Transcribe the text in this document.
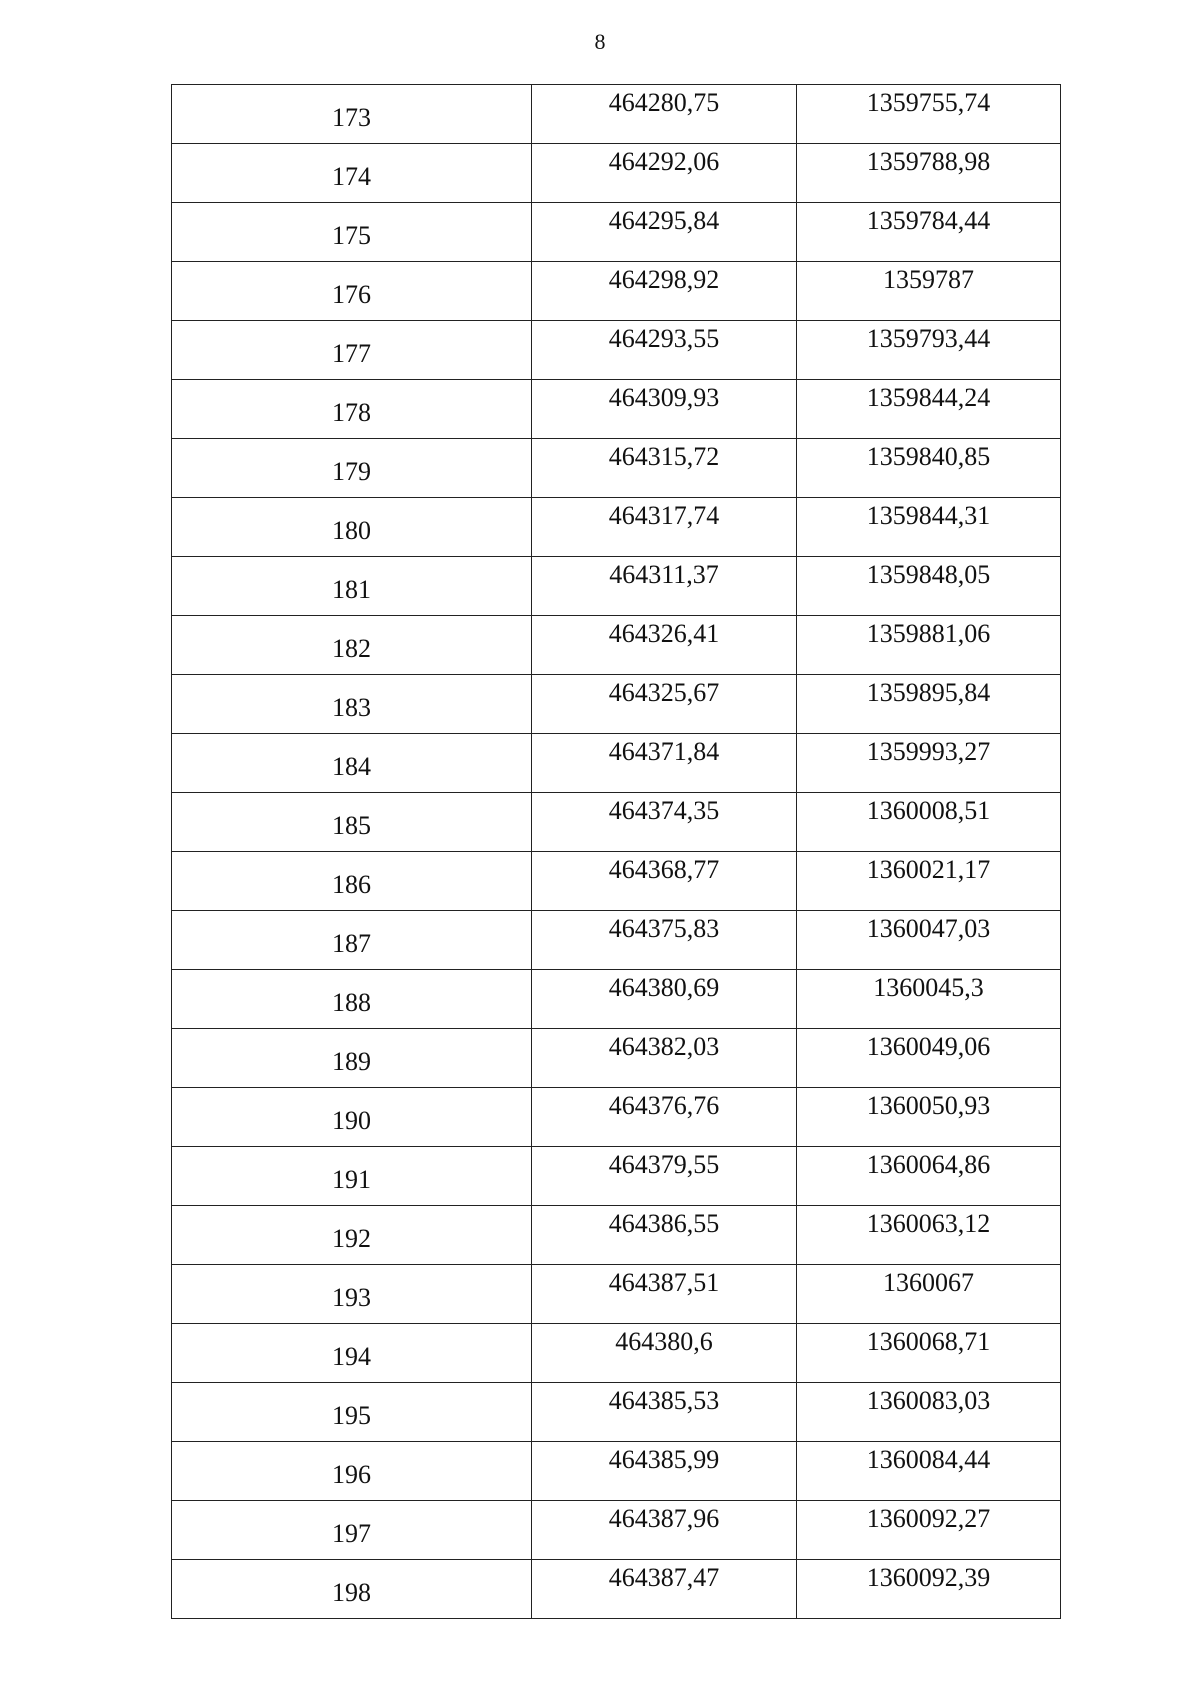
8
173	464280,75	1359755,74
174	464292,06	1359788,98
175	464295,84	1359784,44
176	464298,92	1359787
177	464293,55	1359793,44
178	464309,93	1359844,24
179	464315,72	1359840,85
180	464317,74	1359844,31
181	464311,37	1359848,05
182	464326,41	1359881,06
183	464325,67	1359895,84
184	464371,84	1359993,27
185	464374,35	1360008,51
186	464368,77	1360021,17
187	464375,83	1360047,03
188	464380,69	1360045,3
189	464382,03	1360049,06
190	464376,76	1360050,93
191	464379,55	1360064,86
192	464386,55	1360063,12
193	464387,51	1360067
194	464380,6	1360068,71
195	464385,53	1360083,03
196	464385,99	1360084,44
197	464387,96	1360092,27
198	464387,47	1360092,39
